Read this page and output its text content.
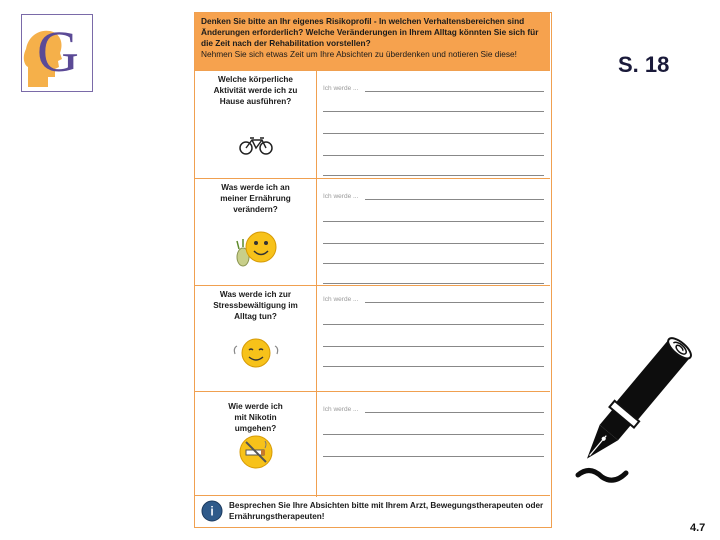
G	S. 18
Denken Sie bitte an Ihr eigenes Risikoprofil - In welchen Verhaltensbereichen sind Änderungen erforderlich? Welche Veränderungen in Ihrem Alltag könnten Sie sich für die Zeit nach der Rehabilitation vorstellen?
Nehmen Sie sich etwas Zeit um Ihre Absichten zu überdenken und notieren Sie diese!
Welche körperliche Aktivität werde ich zu Hause ausführen?
Ich werde ...
Was werde ich an meiner Ernährung verändern?
Ich werde ...
Was werde ich zur Stressbewältigung im Alltag tun?
Ich werde ...
Wie werde ich mit Nikotin umgehen?
Ich werde ...
i Besprechen Sie Ihre Absichten bitte mit Ihrem Arzt, Bewegungstherapeuten oder Ernährungstherapeuten!
4.7
